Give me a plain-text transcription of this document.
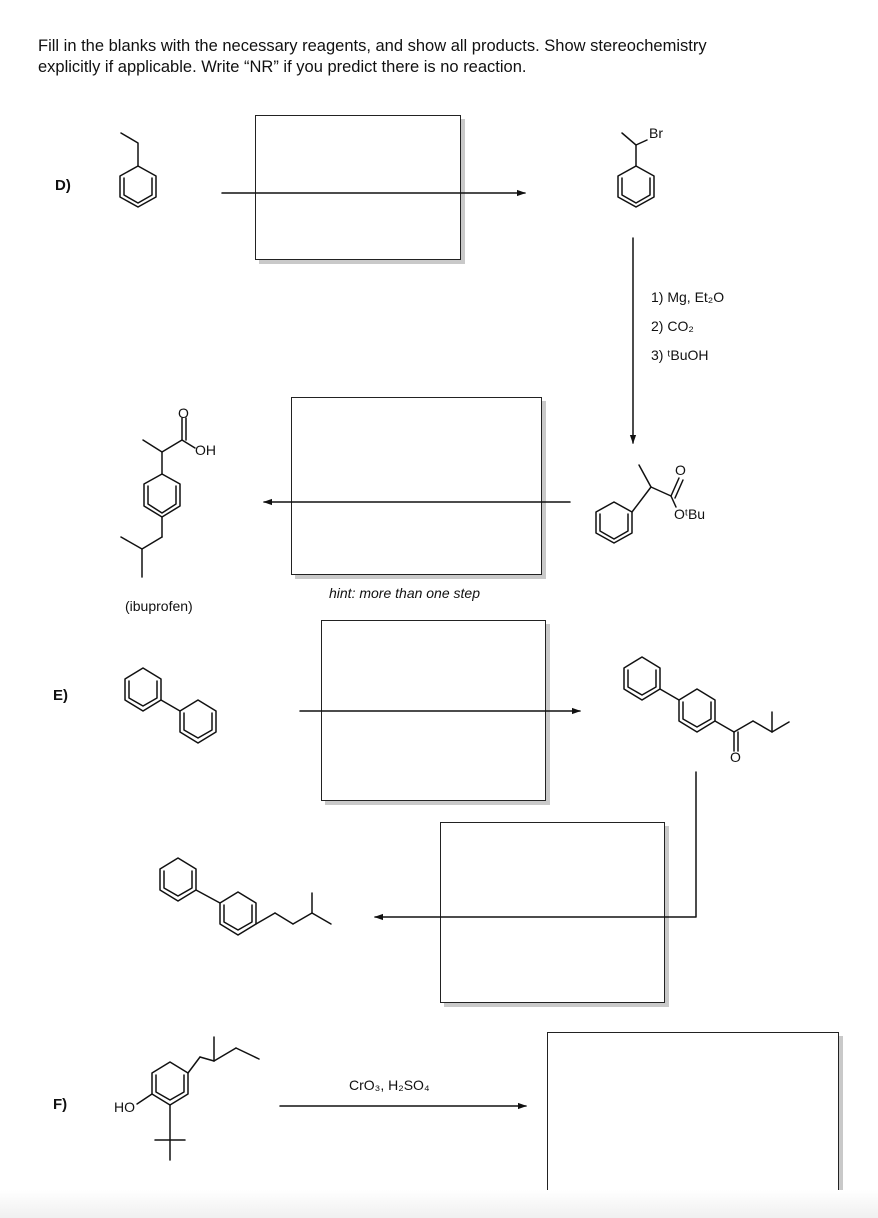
Fill in the blanks with the necessary reagents, and show all products. Show stereochemistry
explicitly if applicable. Write “NR” if you predict there is no reaction.
D)
E)
F)
Br
O
OH
O
OᵗBu
O
HO
1) Mg, Et₂O
2) CO₂
3) ᵗBuOH
(ibuprofen)
hint: more than one step
CrO₃, H₂SO₄
